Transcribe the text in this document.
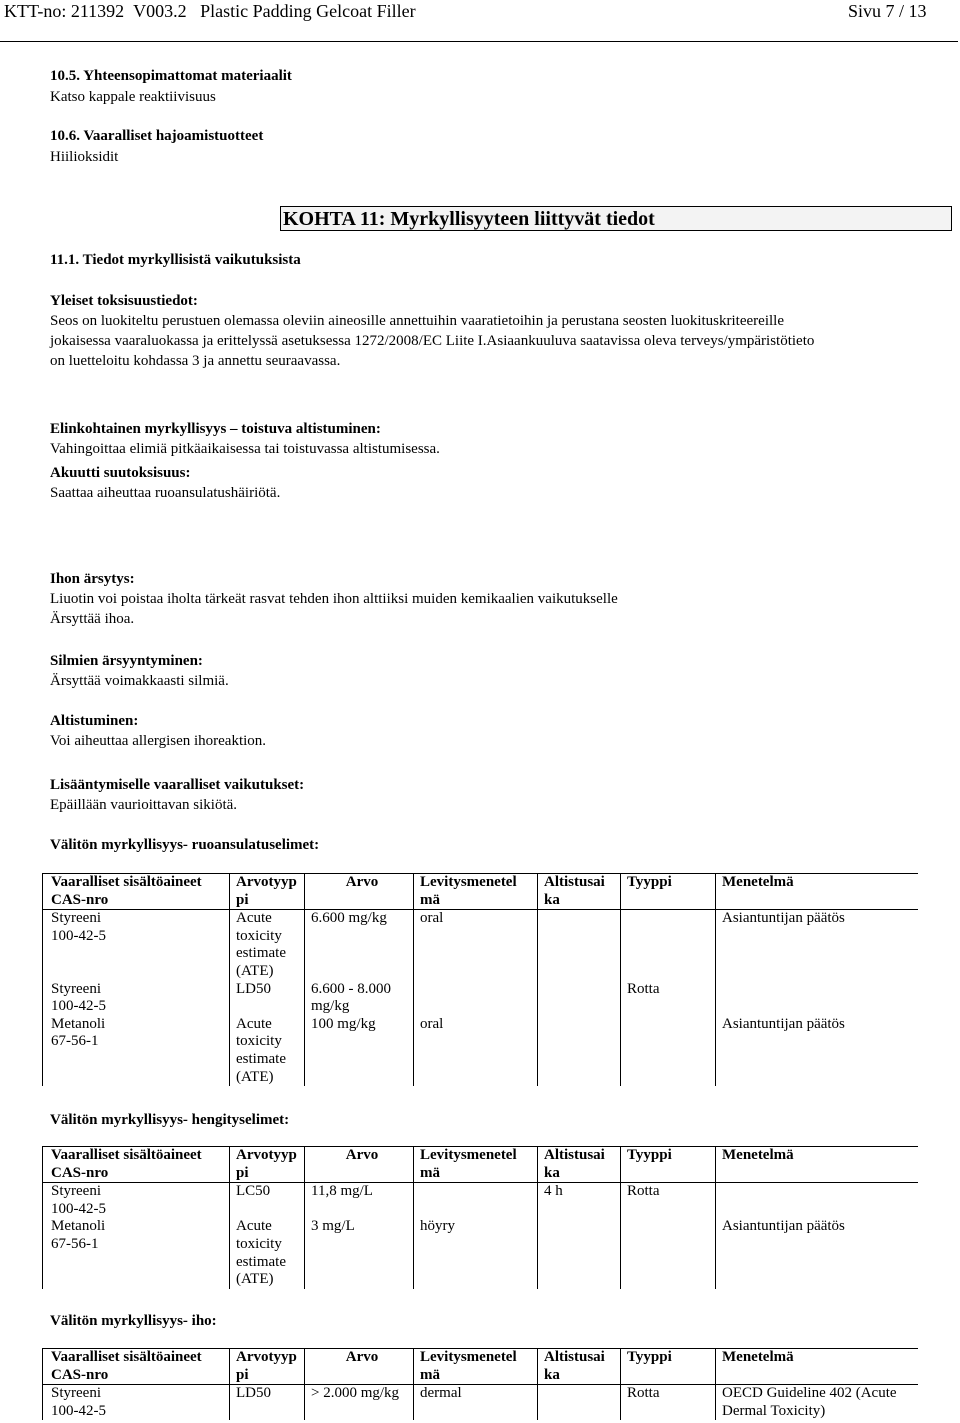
KTT-no: 211392 V003.2 Plastic Padding Gelcoat Filler	Sivu 7 / 13
10.5. Yhteensopimattomat materiaalit
Katso kappale reaktiivisuus
10.6. Vaaralliset hajoamistuotteet
Hiilioksidit
KOHTA 11: Myrkyllisyyteen liittyvät tiedot
11.1. Tiedot myrkyllisistä vaikutuksista
Yleiset toksisuustiedot:
Seos on luokiteltu perustuen olemassa oleviin aineosille annettuihin vaaratietoihin ja perustana seosten luokituskriteereille
jokaisessa vaaraluokassa ja erittelyssä asetuksessa 1272/2008/EC Liite I.Asiaankuuluva saatavissa oleva terveys/ympäristötieto
on luetteloitu kohdassa 3 ja annettu seuraavassa.
Elinkohtainen myrkyllisyys – toistuva altistuminen:
Vahingoittaa elimiä pitkäaikaisessa tai toistuvassa altistumisessa.
Akuutti suutoksisuus:
Saattaa aiheuttaa ruoansulatushäiriötä.
Ihon ärsytys:
Liuotin voi poistaa iholta tärkeät rasvat tehden ihon alttiiksi muiden kemikaalien vaikutukselle
Ärsyttää ihoa.
Silmien ärsyyntyminen:
Ärsyttää voimakkaasti silmiä.
Altistuminen:
Voi aiheuttaa allergisen ihoreaktion.
Lisääntymiselle vaaralliset vaikutukset:
Epäillään vaurioittavan sikiötä.
Välitön myrkyllisyys- ruoansulatuselimet:
Vaaralliset sisältöaineet
CAS-nro	Arvotyyp
pi	Arvo	Levitysmenetel
mä	Altistusai
ka	Tyyppi	Menetelmä
Styreeni
100-42-5	Acute
toxicity
estimate
(ATE)	6.600 mg/kg	oral			Asiantuntijan päätös
Styreeni
100-42-5	LD50	6.600 - 8.000
mg/kg			Rotta	
Metanoli
67-56-1	Acute
toxicity
estimate
(ATE)	100 mg/kg	oral			Asiantuntijan päätös
Välitön myrkyllisyys- hengityselimet:
Vaaralliset sisältöaineet
CAS-nro	Arvotyyp
pi	Arvo	Levitysmenetel
mä	Altistusai
ka	Tyyppi	Menetelmä
Styreeni
100-42-5	LC50	11,8 mg/L		4 h	Rotta	
Metanoli
67-56-1	Acute
toxicity
estimate
(ATE)	3 mg/L	höyry			Asiantuntijan päätös
Välitön myrkyllisyys- iho:
Vaaralliset sisältöaineet
CAS-nro	Arvotyyp
pi	Arvo	Levitysmenetel
mä	Altistusai
ka	Tyyppi	Menetelmä
Styreeni
100-42-5	LD50	> 2.000 mg/kg	dermal		Rotta	OECD Guideline 402 (Acute
Dermal Toxicity)
